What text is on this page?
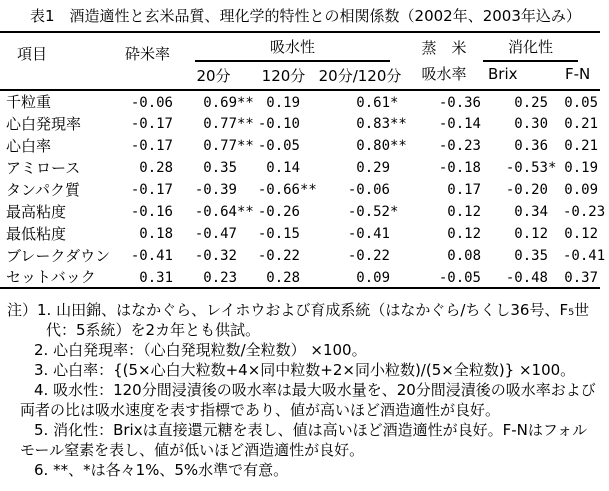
表1　酒造適性と玄米品質、理化学的特性との相関係数（2002年、2003年込み）
項目	砕米率	吸水性			蒸　米
吸水率	消化性	

		20分	120分	20分/120分		Brix	F-N
千粒重	-0.06	0.69**	0.19	0.61*	-0.36	0.25	0.05
心白発現率	-0.17	0.77**	-0.10	0.83**	-0.14	0.30	0.21
心白率	-0.17	0.77**	-0.05	0.80**	-0.23	0.36	0.21
アミロース	0.28	0.35	0.14	0.29	-0.18	-0.53*	0.19
タンパク質	-0.17	-0.39	-0.66**	-0.06	0.17	-0.20	0.09
最高粘度	-0.16	-0.64**	-0.26	-0.52*	0.12	0.34	-0.23
最低粘度	0.18	-0.47	-0.15	-0.41	0.12	0.12	0.12
ブレークダウン	-0.41	-0.32	-0.22	-0.22	0.08	0.35	-0.41
セットバック	0.31	0.23	0.28	0.09	-0.05	-0.48	0.37
注）1. 山田錦、はなかぐら、レイホウおよび育成系統（はなかぐら/ちくし36号、F₅世
代：5系統）を2カ年とも供試。
2. 心白発現率：（心白発現粒数/全粒数） ×100。
3. 心白率：{(5×心白大粒数+4×同中粒数+2×同小粒数)/(5×全粒数)} ×100。
4. 吸水性：120分間浸漬後の吸水率は最大吸水量を、20分間浸漬後の吸水率および
両者の比は吸水速度を表す指標であり、値が高いほど酒造適性が良好。
5. 消化性：Brixは直接還元糖を表し、値は高いほど酒造適性が良好。F-Nはフォル
モール窒素を表し、値が低いほど酒造適性が良好。
6. **、*は各々1%、5%水準で有意。
